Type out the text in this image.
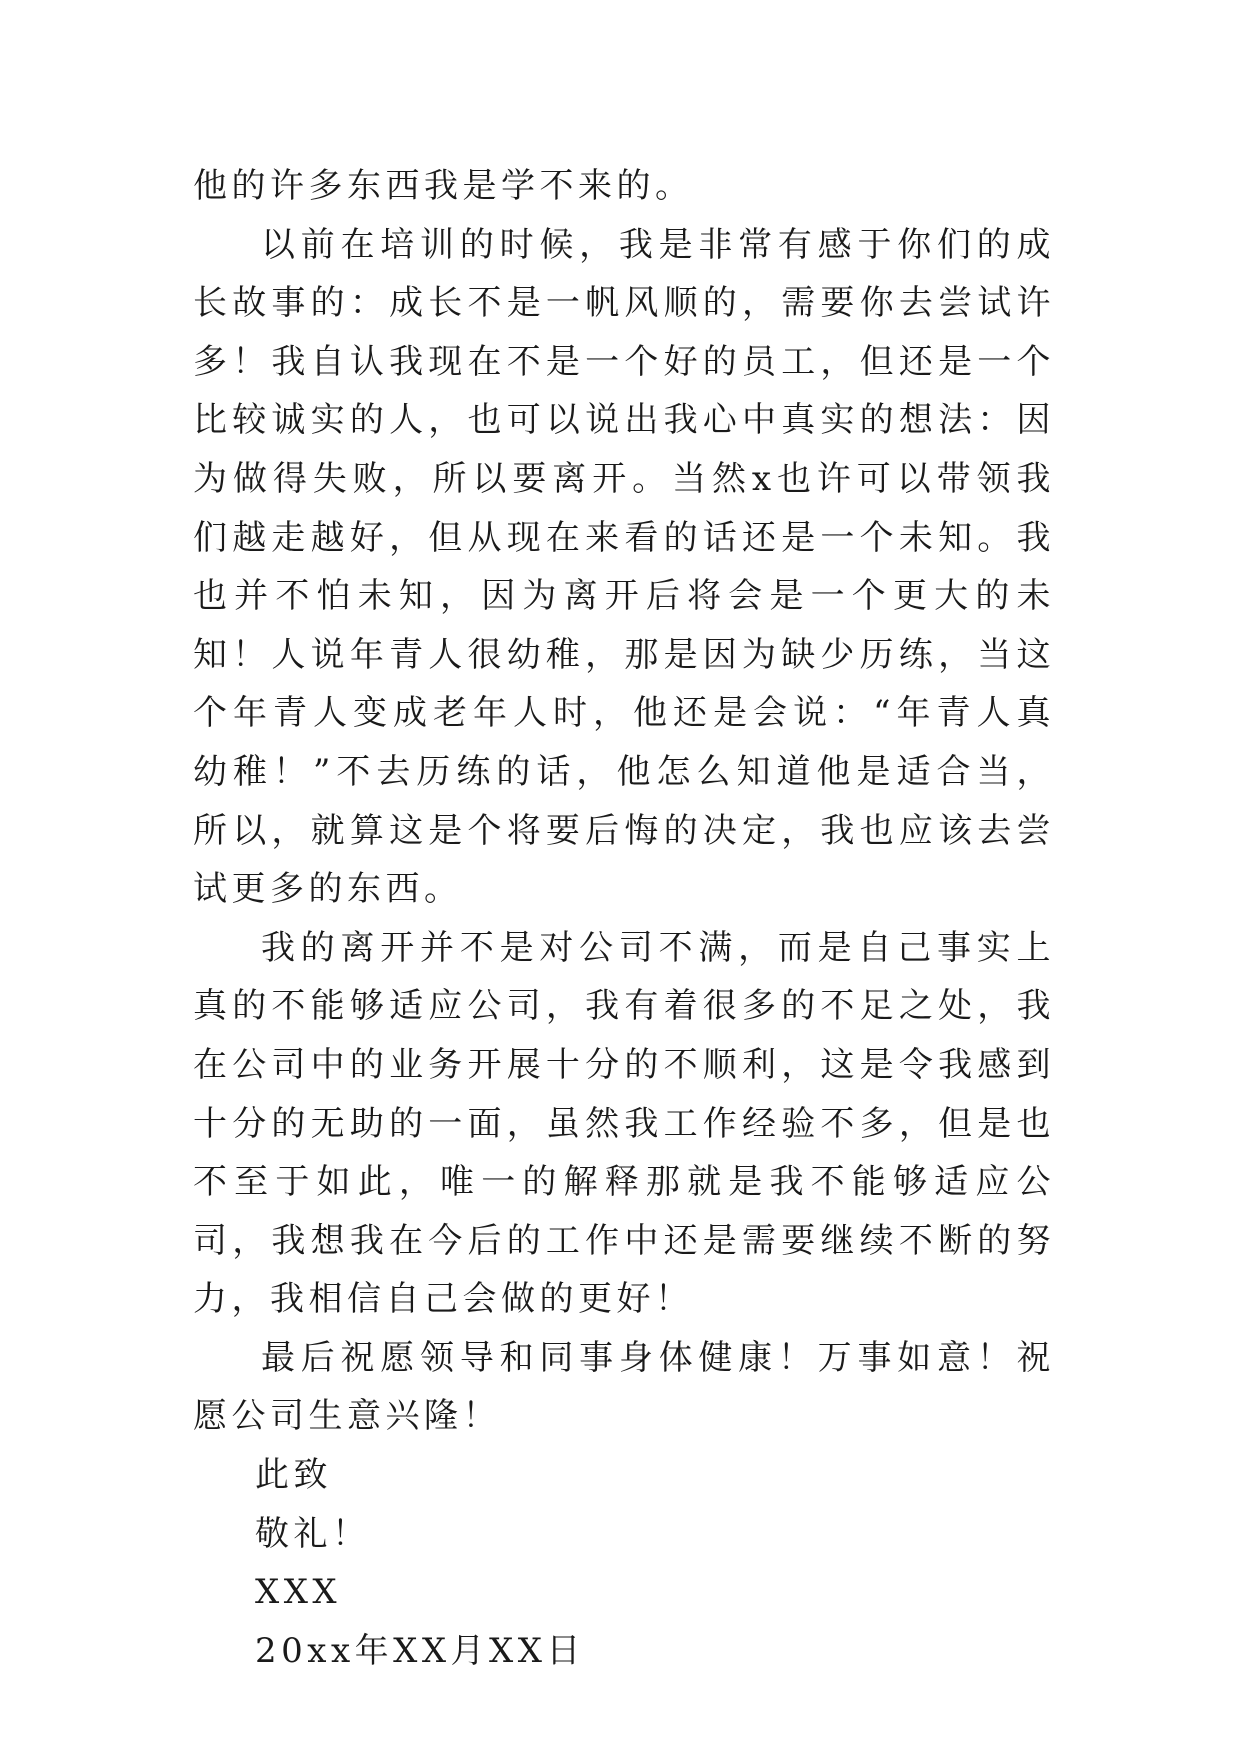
他的许多东西我是学不来的。

以前在培训的时候，我是非常有感于你们的成长故事的：成长不是一帆风顺的，需要你去尝试许多！我自认我现在不是一个好的员工，但还是一个比较诚实的人，也可以说出我心中真实的想法：因为做得失败，所以要离开。当然x也许可以带领我们越走越好，但从现在来看的话还是一个未知。我也并不怕未知，因为离开后将会是一个更大的未知！人说年青人很幼稚，那是因为缺少历练，当这个年青人变成老年人时，他还是会说：“年青人真幼稚！”不去历练的话，他怎么知道他是适合当，所以，就算这是个将要后悔的决定，我也应该去尝试更多的东西。

我的离开并不是对公司不满，而是自己事实上真的不能够适应公司，我有着很多的不足之处，我在公司中的业务开展十分的不顺利，这是令我感到十分的无助的一面，虽然我工作经验不多，但是也不至于如此，唯一的解释那就是我不能够适应公司，我想我在今后的工作中还是需要继续不断的努力，我相信自己会做的更好！

最后祝愿领导和同事身体健康！万事如意！祝愿公司生意兴隆！

此致

敬礼！

XXX

20xx年XX月XX日
